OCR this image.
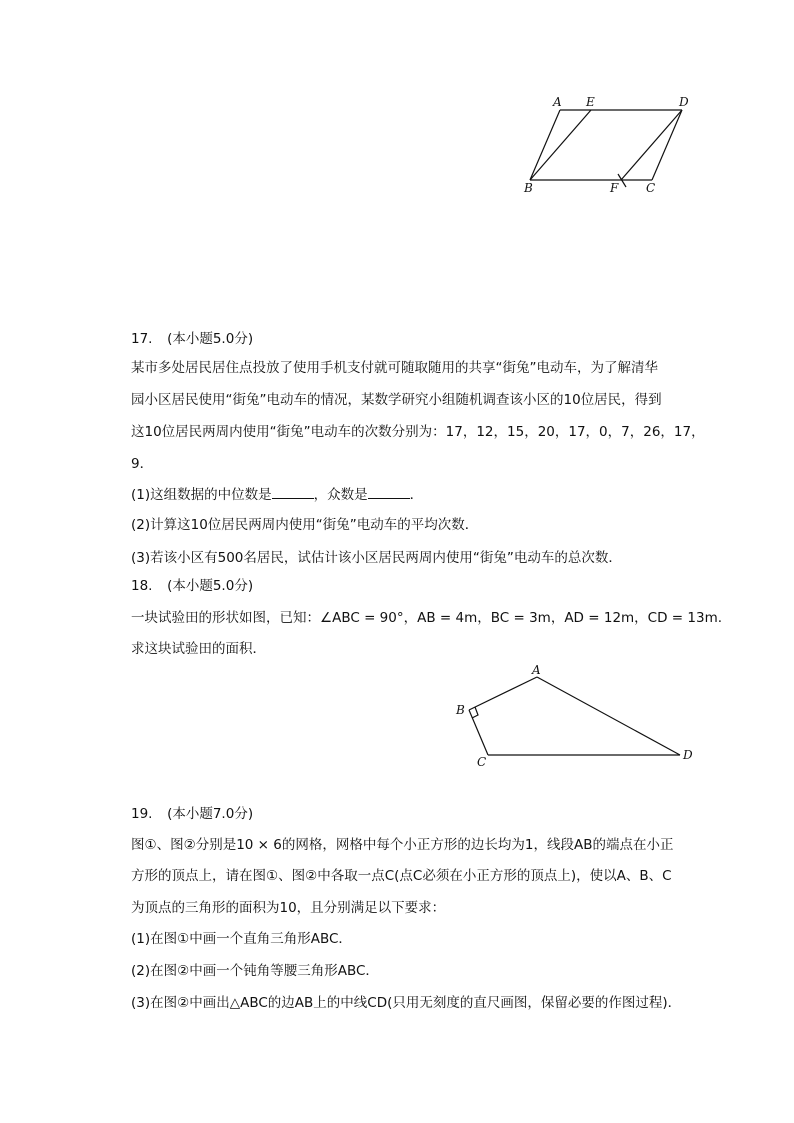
A E	D
B	F C
17. (本小题5.0分)
某市多处居民居住点投放了使用手机支付就可随取随用的共享“街兔”电动车，为了解清华
园小区居民使用“街兔”电动车的情况，某数学研究小组随机调查该小区的10位居民，得到
这10位居民两周内使用“街兔”电动车的次数分别为：17，12，15，20，17，0，7，26，17，
9．
(1)这组数据的中位数是	，众数是	．
(2)计算这10位居民两周内使用“街兔”电动车的平均次数．
(3)若该小区有500名居民，试估计该小区居民两周内使用“街兔”电动车的总次数．
18. (本小题5.0分)
一块试验田的形状如图，已知：∠ABC = 90°，AB = 4m，BC = 3m，AD = 12m，CD = 13m.
求这块试验田的面积．
A
B
C	D
19. (本小题7.0分)
图①、图②分别是10 × 6的网格，网格中每个小正方形的边长均为1，线段AB的端点在小正
方形的顶点上，请在图①、图②中各取一点C(点C必须在小正方形的顶点上)，使以A、B、C
为顶点的三角形的面积为10，且分别满足以下要求：
(1)在图①中画一个直角三角形ABC．
(2)在图②中画一个钝角等腰三角形ABC．
(3)在图②中画出△ABC的边AB上的中线CD(只用无刻度的直尺画图，保留必要的作图过程)．
